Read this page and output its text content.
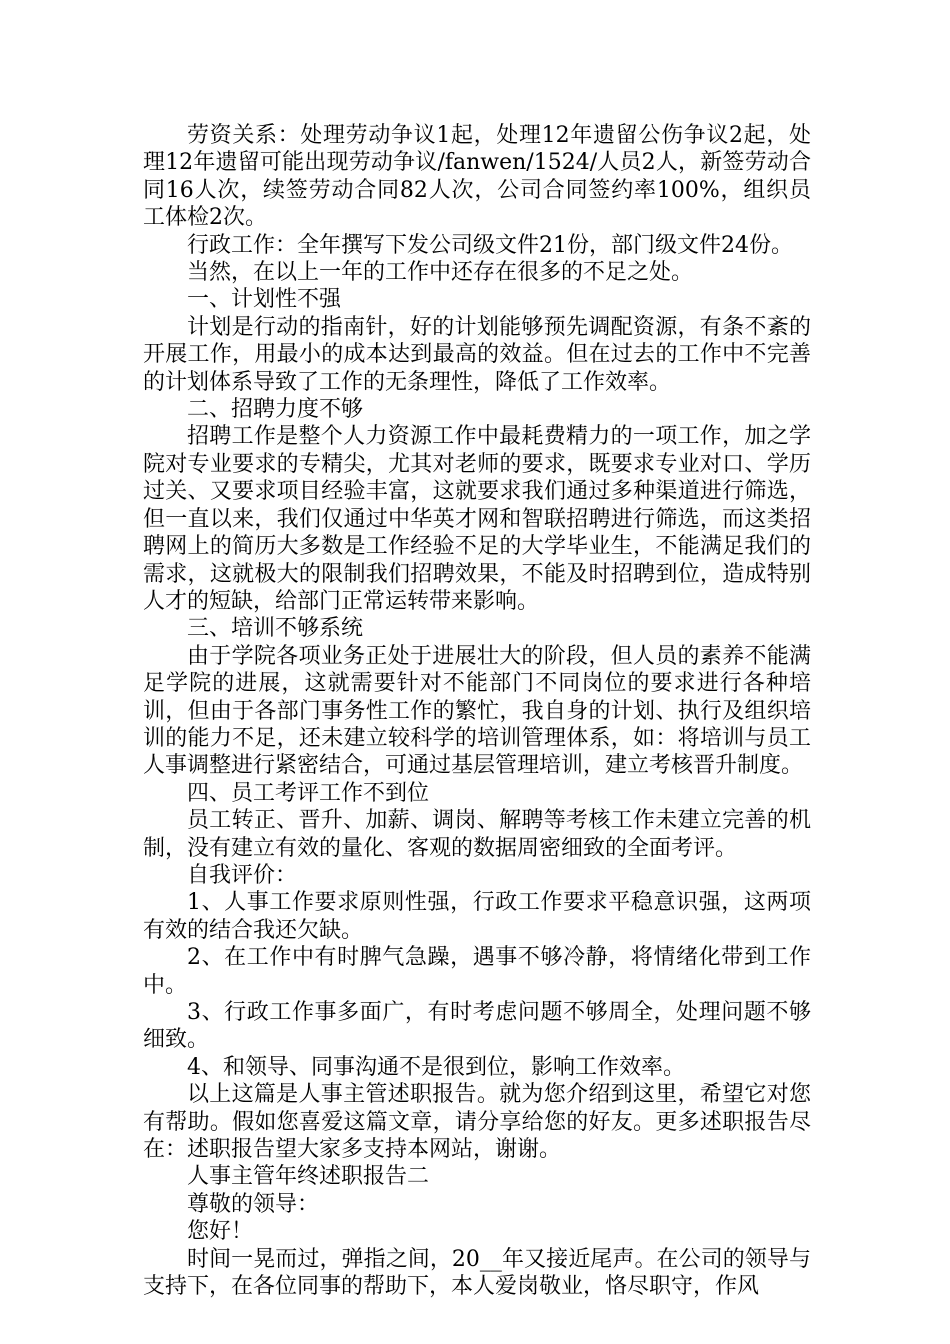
劳资关系：处理劳动争议1起，处理12年遗留公伤争议2起，处理12年遗留可能出现劳动争议/fanwen/1524/人员2人，新签劳动合同16人次，续签劳动合同82人次，公司合同签约率100%，组织员工体检2次。

行政工作：全年撰写下发公司级文件21份，部门级文件24份。

当然，在以上一年的工作中还存在很多的不足之处。

一、计划性不强

计划是行动的指南针，好的计划能够预先调配资源，有条不紊的开展工作，用最小的成本达到最高的效益。但在过去的工作中不完善的计划体系导致了工作的无条理性，降低了工作效率。

二、招聘力度不够

招聘工作是整个人力资源工作中最耗费精力的一项工作，加之学院对专业要求的专精尖，尤其对老师的要求，既要求专业对口、学历过关、又要求项目经验丰富，这就要求我们通过多种渠道进行筛选，但一直以来，我们仅通过中华英才网和智联招聘进行筛选，而这类招聘网上的简历大多数是工作经验不足的大学毕业生，不能满足我们的需求，这就极大的限制我们招聘效果，不能及时招聘到位，造成特别人才的短缺，给部门正常运转带来影响。

三、培训不够系统

由于学院各项业务正处于进展壮大的阶段，但人员的素养不能满足学院的进展，这就需要针对不能部门不同岗位的要求进行各种培训，但由于各部门事务性工作的繁忙，我自身的计划、执行及组织培训的能力不足，还未建立较科学的培训管理体系，如：将培训与员工人事调整进行紧密结合，可通过基层管理培训，建立考核晋升制度。

四、员工考评工作不到位

员工转正、晋升、加薪、调岗、解聘等考核工作未建立完善的机制，没有建立有效的量化、客观的数据周密细致的全面考评。

自我评价：

1、人事工作要求原则性强，行政工作要求平稳意识强，这两项有效的结合我还欠缺。

2、在工作中有时脾气急躁，遇事不够冷静，将情绪化带到工作中。

3、行政工作事多面广，有时考虑问题不够周全，处理问题不够细致。

4、和领导、同事沟通不是很到位，影响工作效率。

以上这篇是人事主管述职报告。就为您介绍到这里，希望它对您有帮助。假如您喜爱这篇文章，请分享给您的好友。更多述职报告尽在：述职报告望大家多支持本网站，谢谢。

人事主管年终述职报告二

尊敬的领导：

您好！

时间一晃而过，弹指之间，20__年又接近尾声。在公司的领导与支持下，在各位同事的帮助下，本人爱岗敬业，恪尽职守，作风
